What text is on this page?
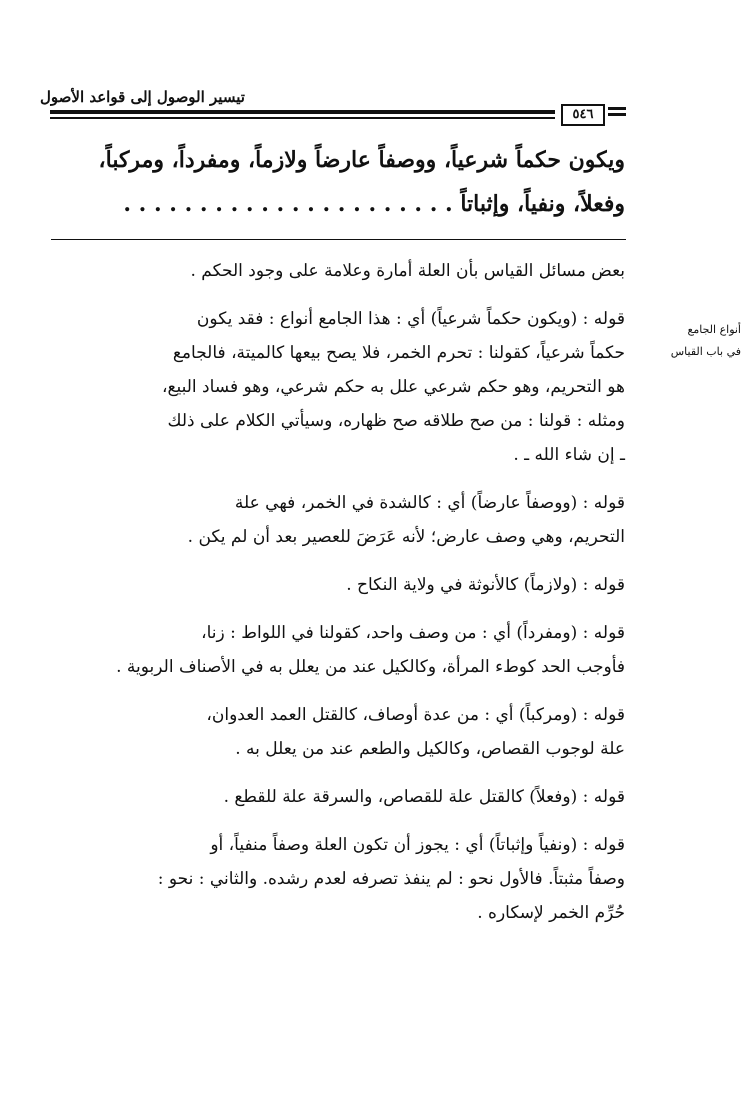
تيسير الوصول إلى قواعد الأصول
٥٤٦

ويكون حكماً شرعياً، ووصفاً عارضاً ولازماً، ومفرداً، ومركباً،

وفعلاً، ونفياً، وإثباتاً . . . . . . . . . . . . . . . . . . . . . .

أنواع الجامع
في باب القياس

بعض مسائل القياس بأن العلة أمارة وعلامة على وجود الحكم .

قوله : (ويكون حكماً شرعياً) أي : هذا الجامع أنواع : فقد يكون
حكماً شرعياً، كقولنا : تحرم الخمر، فلا يصح بيعها كالميتة، فالجامع
هو التحريم، وهو حكم شرعي علل به حكم شرعي، وهو فساد البيع،
ومثله : قولنا : من صح طلاقه صح ظهاره، وسيأتي الكلام على ذلك
ـ إن شاء الله ـ .

قوله : (ووصفاً عارضاً) أي : كالشدة في الخمر، فهي علة
التحريم، وهي وصف عارض؛ لأنه عَرَضَ للعصير بعد أن لم يكن .

قوله : (ولازماً) كالأنوثة في ولاية النكاح .

قوله : (ومفرداً) أي : من وصف واحد، كقولنا في اللواط : زنا،
فأوجب الحد كوطء المرأة، وكالكيل عند من يعلل به في الأصناف الربوية .

قوله : (ومركباً) أي : من عدة أوصاف، كالقتل العمد العدوان،
علة لوجوب القصاص، وكالكيل والطعم عند من يعلل به .

قوله : (وفعلاً) كالقتل علة للقصاص، والسرقة علة للقطع .

قوله : (ونفياً وإثباتاً) أي : يجوز أن تكون العلة وصفاً منفياً، أو
وصفاً مثبتاً. فالأول نحو : لم ينفذ تصرفه لعدم رشده. والثاني : نحو :
حُرِّم الخمر لإسكاره .
